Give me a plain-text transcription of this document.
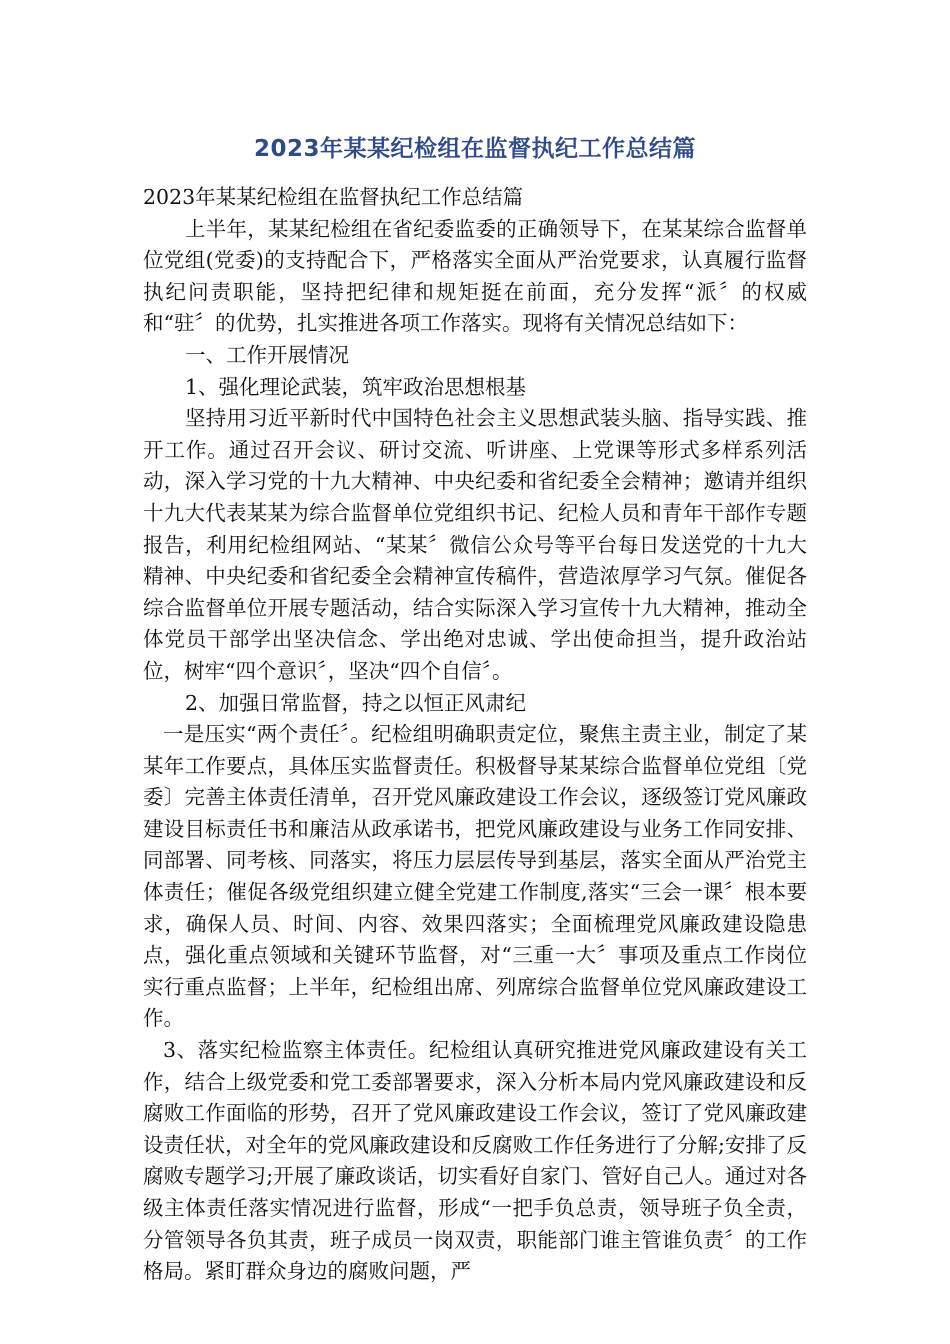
2023年某某纪检组在监督执纪工作总结篇

2023年某某纪检组在监督执纪工作总结篇

上半年，某某纪检组在省纪委监委的正确领导下，在某某综合监督单位党组(党委)的支持配合下，严格落实全面从严治党要求，认真履行监督执纪问责职能，坚持把纪律和规矩挺在前面，充分发挥“派〞的权威和“驻〞的优势，扎实推进各项工作落实。现将有关情况总结如下：

一、工作开展情况

1、强化理论武装，筑牢政治思想根基

坚持用习近平新时代中国特色社会主义思想武装头脑、指导实践、推开工作。通过召开会议、研讨交流、听讲座、上党课等形式多样系列活动，深入学习党的十九大精神、中央纪委和省纪委全会精神；邀请并组织十九大代表某某为综合监督单位党组织书记、纪检人员和青年干部作专题报告，利用纪检组网站、“某某〞微信公众号等平台每日发送党的十九大精神、中央纪委和省纪委全会精神宣传稿件，营造浓厚学习气氛。催促各综合监督单位开展专题活动，结合实际深入学习宣传十九大精神，推动全体党员干部学出坚决信念、学出绝对忠诚、学出使命担当，提升政治站位，树牢“四个意识〞，坚决“四个自信〞。

2、加强日常监督，持之以恒正风肃纪

一是压实“两个责任〞。纪检组明确职责定位，聚焦主责主业，制定了某某年工作要点，具体压实监督责任。积极督导某某综合监督单位党组〔党委〕完善主体责任清单，召开党风廉政建设工作会议，逐级签订党风廉政建设目标责任书和廉洁从政承诺书，把党风廉政建设与业务工作同安排、同部署、同考核、同落实，将压力层层传导到基层，落实全面从严治党主体责任；催促各级党组织建立健全党建工作制度,落实“三会一课〞根本要求，确保人员、时间、内容、效果四落实；全面梳理党风廉政建设隐患点，强化重点领域和关键环节监督，对“三重一大〞事项及重点工作岗位实行重点监督；上半年，纪检组出席、列席综合监督单位党风廉政建设工作。

3、落实纪检监察主体责任。纪检组认真研究推进党风廉政建设有关工作，结合上级党委和党工委部署要求，深入分析本局内党风廉政建设和反腐败工作面临的形势，召开了党风廉政建设工作会议，签订了党风廉政建设责任状，对全年的党风廉政建设和反腐败工作任务进行了分解;安排了反腐败专题学习;开展了廉政谈话，切实看好自家门、管好自己人。通过对各级主体责任落实情况进行监督，形成“一把手负总责，领导班子负全责，分管领导各负其责，班子成员一岗双责，职能部门谁主管谁负责〞的工作格局。紧盯群众身边的腐败问题，严
